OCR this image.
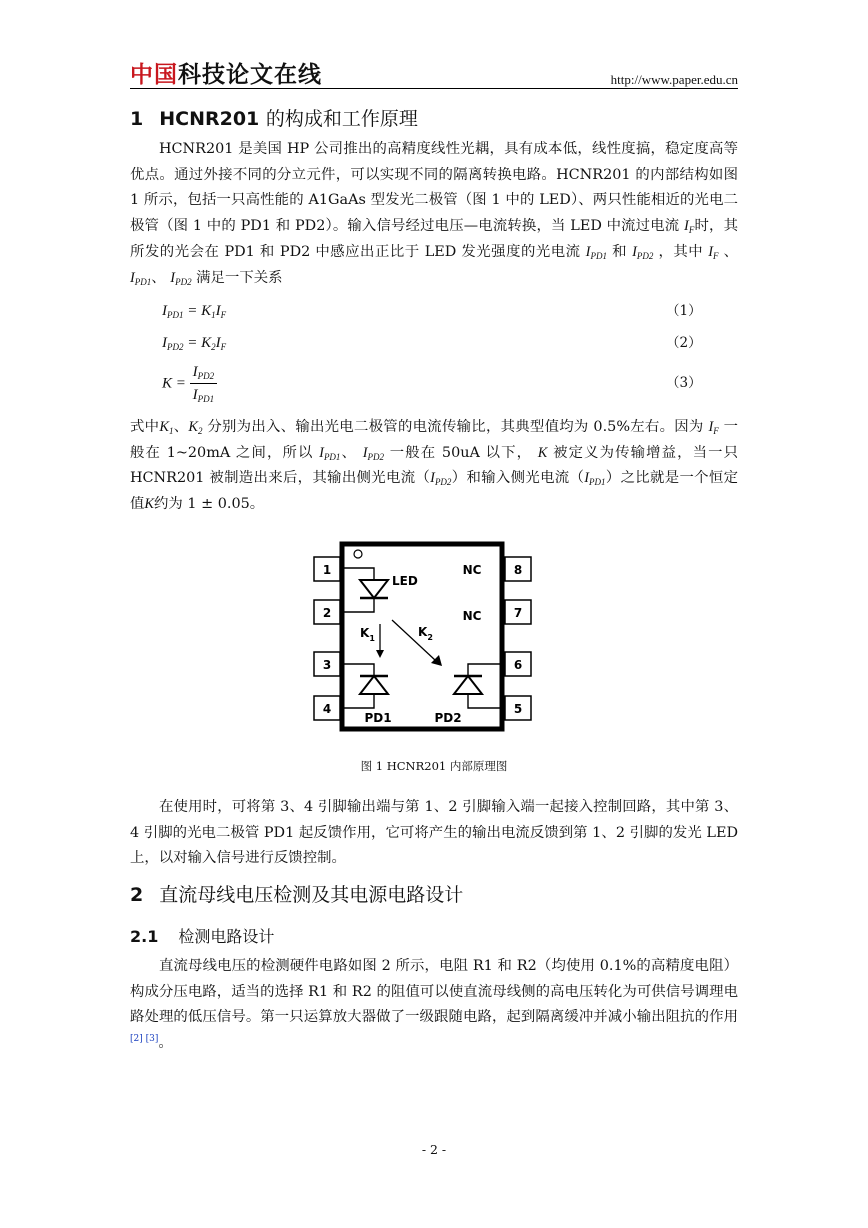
中国科技论文在线	http://www.paper.edu.cn
1 HCNR201 的构成和工作原理

HCNR201 是美国 HP 公司推出的高精度线性光耦，具有成本低，线性度搞，稳定度高等优点。通过外接不同的分立元件，可以实现不同的隔离转换电路。HCNR201 的内部结构如图 1 所示，包括一只高性能的 A1GaAs 型发光二极管（图 1 中的 LED）、两只性能相近的光电二极管（图 1 中的 PD1 和 PD2）。输入信号经过电压—电流转换，当 LED 中流过电流 $I_F$时，其所发的光会在 PD1 和 PD2 中感应出正比于 LED 发光强度的光电流 $I_{PD1}$ 和 $I_{PD2}$ ，其中 $I_F$ 、 $I_{PD1}$、 $I_{PD2}$ 满足一下关系

$I_{PD1} = K_1I_F$	（1）
$I_{PD2} = K_2I_F$	（2）
$K = \frac{I_{PD2}}{I_{PD1}}$	（3）

式中$K_1$、$K_2$ 分别为出入、输出光电二极管的电流传输比，其典型值均为 0.5%左右。因为 $I_F$ 一般在 1~20mA 之间，所以 $I_{PD1}$、 $I_{PD2}$ 一般在 50uA 以下， K 被定义为传输增益，当一只 HCNR201 被制造出来后，其输出侧光电流$(I_{PD2})$和输入侧光电流$(I_{PD1})$之比就是一个恒定值K约为 1 ± 0.05。

1
2
3
4
8
7
6
5
LED
NC
NC
$K_1$	$K_2$
PD1	PD2
图 1 HCNR201 内部原理图

在使用时，可将第 3、4 引脚输出端与第 1、2 引脚输入端一起接入控制回路，其中第 3、4 引脚的光电二极管 PD1 起反馈作用，它可将产生的输出电流反馈到第 1、2 引脚的发光 LED 上，以对输入信号进行反馈控制。

2 直流母线电压检测及其电源电路设计
2.1 检测电路设计

直流母线电压的检测硬件电路如图 2 所示，电阻 R1 和 R2（均使用 0.1%的高精度电阻）构成分压电路，适当的选择 R1 和 R2 的阻值可以使直流母线侧的高电压转化为可供信号调理电路处理的低压信号。第一只运算放大器做了一级跟随电路，起到隔离缓冲并减小输出阻抗的作用[2] [3]。

- 2 -
